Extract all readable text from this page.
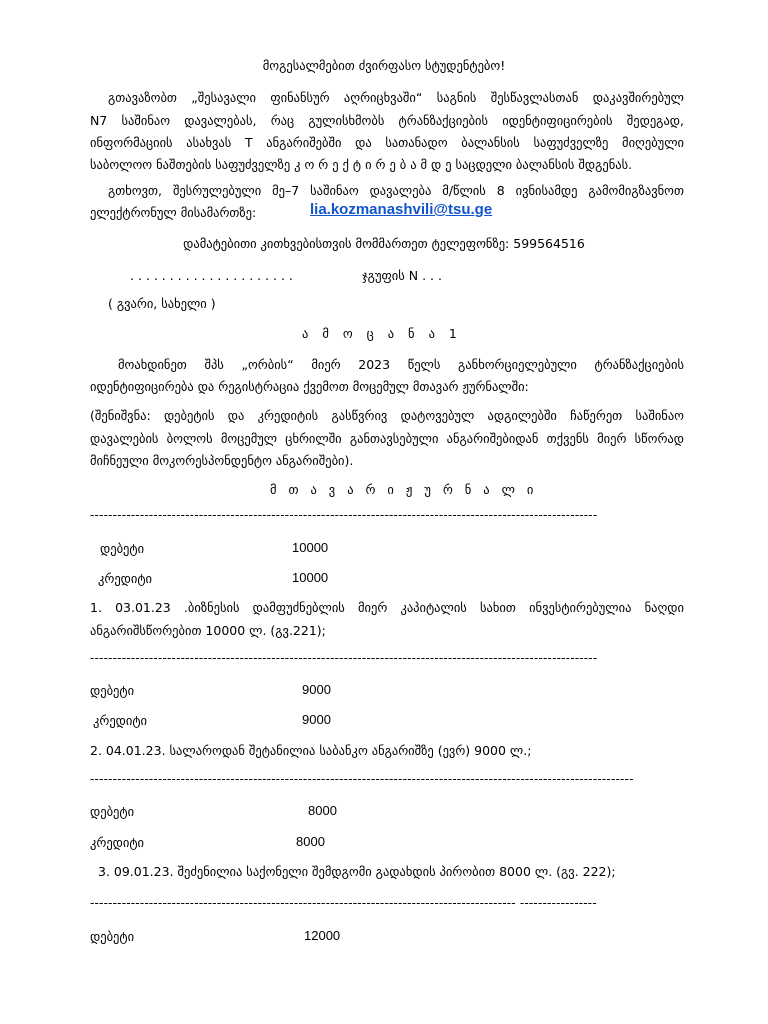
მოგესალმებით ძვირფასო სტუდენტებო!
გთავაზობთ „შესავალი ფინანსურ აღრიცხვაში“ საგნის შესწავლასთან დაკავშირებულ
N7 საშინაო დავალებას, რაც გულისხმობს ტრანზაქციების იდენტიფიცირების შედეგად,
ინფორმაციის ასახვას T ანგარიშებში და სათანადო ბალანსის საფუძველზე მიღებული
საბოლოო ნაშთების საფუძველზე კ ო რ ე ქ ტ ი რ ე ბ ა მ დ ე საცდელი ბალანსის შდგენას.
გთხოვთ, შესრულებული მე–7 საშინაო დავალება მ/წლის 8 ივნისამდე გამომიგზავნოთ
ელექტრონულ მისამართზე:	lia.kozmanashvili@tsu.ge
დამატებითი კითხვებისთვის მომმართეთ ტელეფონზე: 599564516
. . . . . . . . . . . . . . . . . . . . .	ჯგუფის N . . .
( გვარი, სახელი )
ა მ ო ც ა ნ ა 1
მოახდინეთ შპს „ორბის“ მიერ 2023 წელს განხორციელებული ტრანზაქციების
იდენტიფიცირება და რეგისტრაცია ქვემოთ მოცემულ მთავარ ჟურნალში:
(შენიშვნა: დებეტის და კრედიტის გასწვრივ დატოვებულ ადგილებში ჩაწერეთ საშინაო
დავალების ბოლოს მოცემულ ცხრილში განთავსებული ანგარიშებიდან თქვენს მიერ სწორად
მიჩნეული მოკორესპონდენტო ანგარიშები).
მ თ ა ვ ა რ ი ჟ უ რ ნ ა ლ ი
----------------------------------------------------------------------------------------------------------------
დებეტი	10000
კრედიტი	10000
1. 03.01.23 .ბიზნესის დამფუძნებლის მიერ კაპიტალის სახით ინვესტირებულია ნაღდი
ანგარიშსწორებით 10000 ლ. (გვ.221);
----------------------------------------------------------------------------------------------------------------
დებეტი	9000
კრედიტი	9000
2. 04.01.23. სალაროდან შეტანილია საბანკო ანგარიშზე (ევრ) 9000 ლ.;
------------------------------------------------------------------------------------------------------------------------
დებეტი	8000
კრედიტი	8000
3. 09.01.23. შეძენილია საქონელი შემდგომი გადახდის პირობით 8000 ლ. (გვ. 222);
---------------------------------------------------------------------------------------------- -----------------
დებეტი	12000
